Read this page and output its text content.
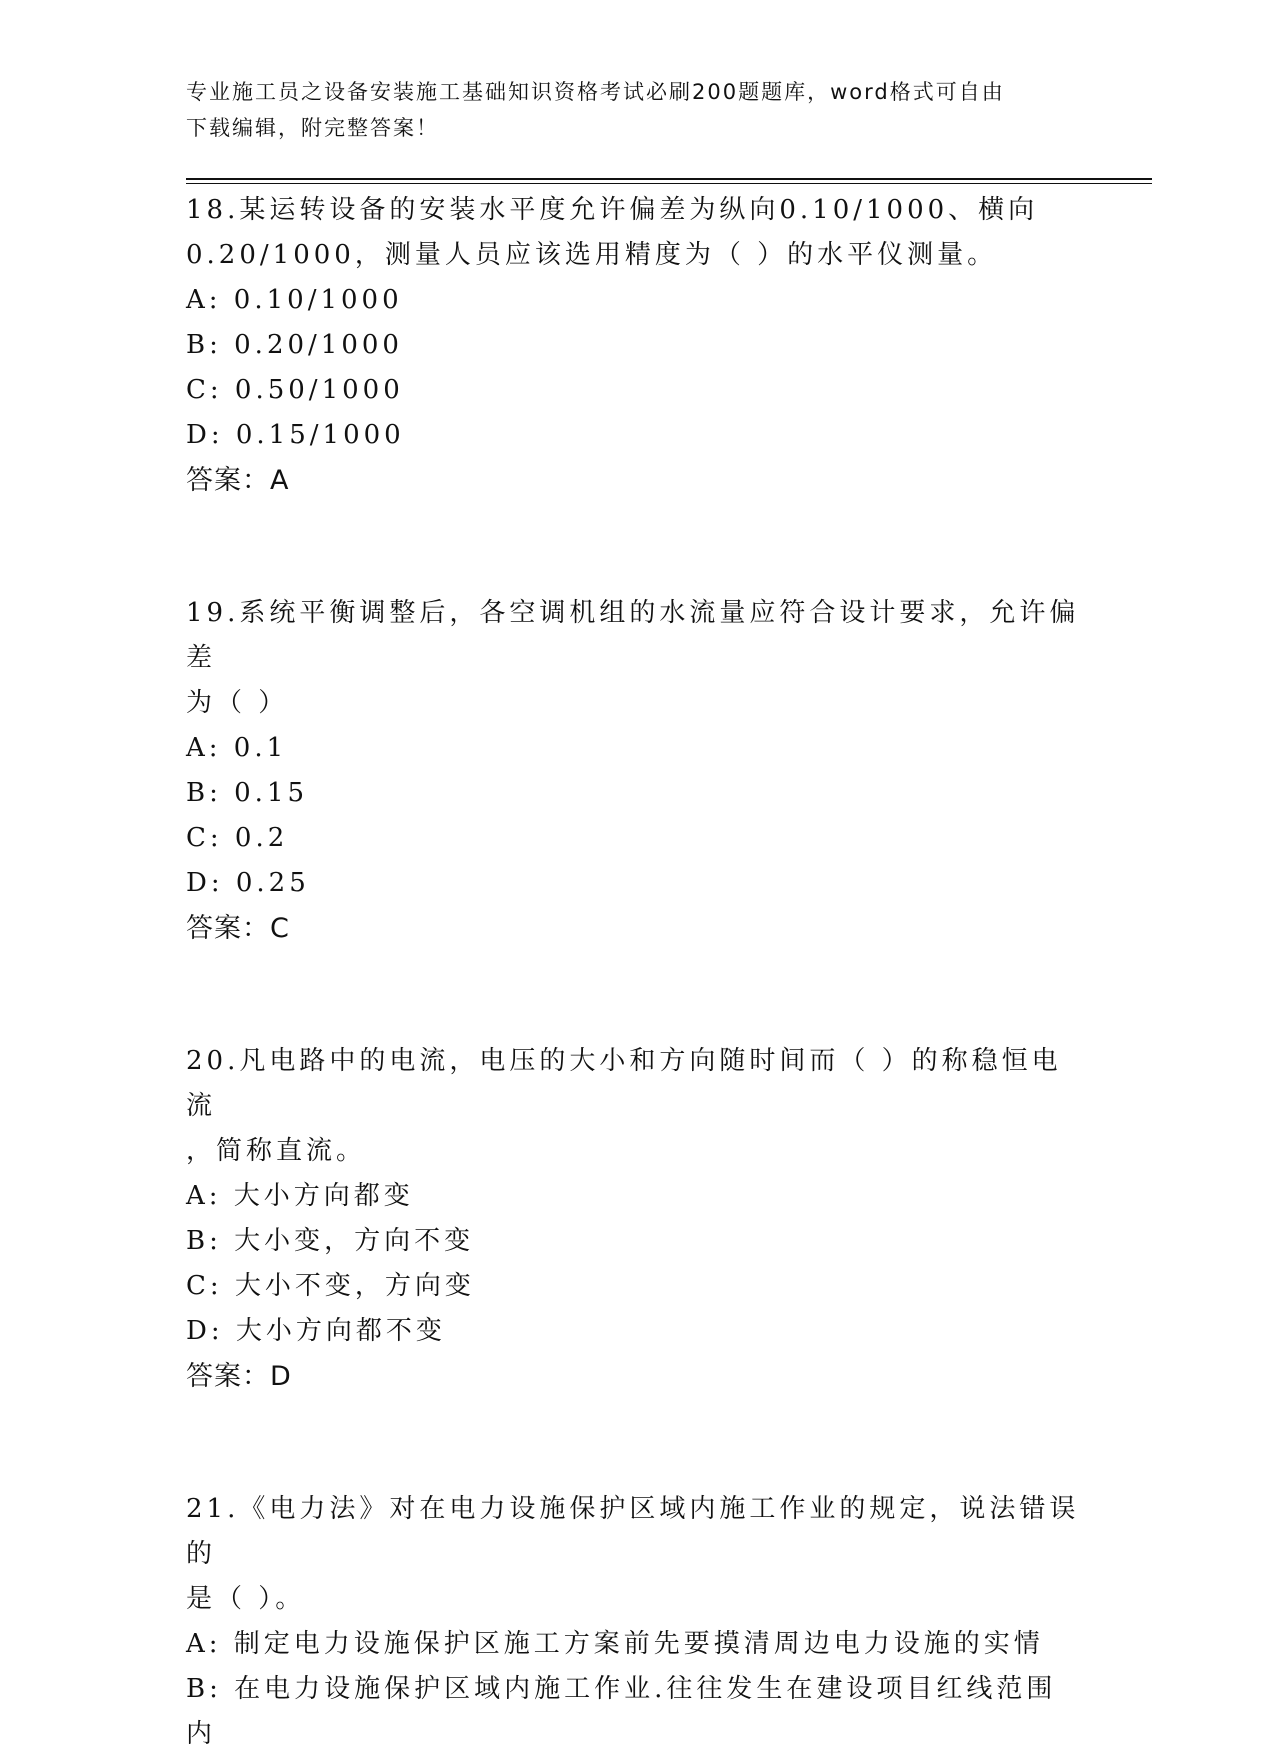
专业施工员之设备安装施工基础知识资格考试必刷200题题库，word格式可自由
下载编辑，附完整答案！

18.某运转设备的安装水平度允许偏差为纵向0.10/1000、横向

0.20/1000，测量人员应该选用精度为（ ）的水平仪测量。

A: 0.10/1000

B: 0.20/1000

C: 0.50/1000

D: 0.15/1000

答案：A

19.系统平衡调整后，各空调机组的水流量应符合设计要求，允许偏差

为（ ）

A: 0.1

B: 0.15

C: 0.2

D: 0.25

答案：C

20.凡电路中的电流，电压的大小和方向随时间而（ ）的称稳恒电流

，简称直流。

A: 大小方向都变

B: 大小变，方向不变

C: 大小不变，方向变

D: 大小方向都不变

答案：D

21.《电力法》对在电力设施保护区域内施工作业的规定，说法错误的

是（ ）。

A: 制定电力设施保护区施工方案前先要摸清周边电力设施的实情

B: 在电力设施保护区域内施工作业.往往发生在建设项目红线范围内
